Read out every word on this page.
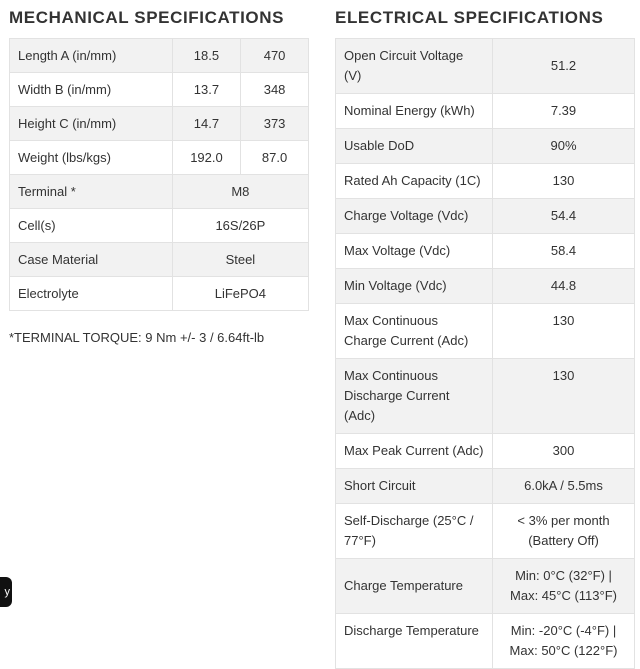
MECHANICAL SPECIFICATIONS	ELECTRICAL SPECIFICATIONS
Length A (in/mm)	18.5	470
Width B (in/mm)	13.7	348
Height C (in/mm)	14.7	373
Weight (lbs/kgs)	192.0	87.0
Terminal *	M8	
Cell(s)	16S/26P	
Case Material	Steel	
Electrolyte	LiFePO4	
*TERMINAL TORQUE: 9 Nm +/- 3 / 6.64ft-lb
Open Circuit Voltage (V)	51.2
Nominal Energy (kWh)	7.39
Usable DoD	90%
Rated Ah Capacity (1C)	130
Charge Voltage (Vdc)	54.4
Max Voltage (Vdc)	58.4
Min Voltage (Vdc)	44.8
Max Continuous Charge Current (Adc)	130
Max Continuous Discharge Current (Adc)	130
Max Peak Current (Adc)	300
Short Circuit	6.0kA / 5.5ms
Self-Discharge (25°C / 77°F)	< 3% per month (Battery Off)
Charge Temperature	Min: 0°C (32°F) | Max: 45°C (113°F)
Discharge Temperature	Min: -20°C (-4°F) | Max: 50°C (122°F)
y
